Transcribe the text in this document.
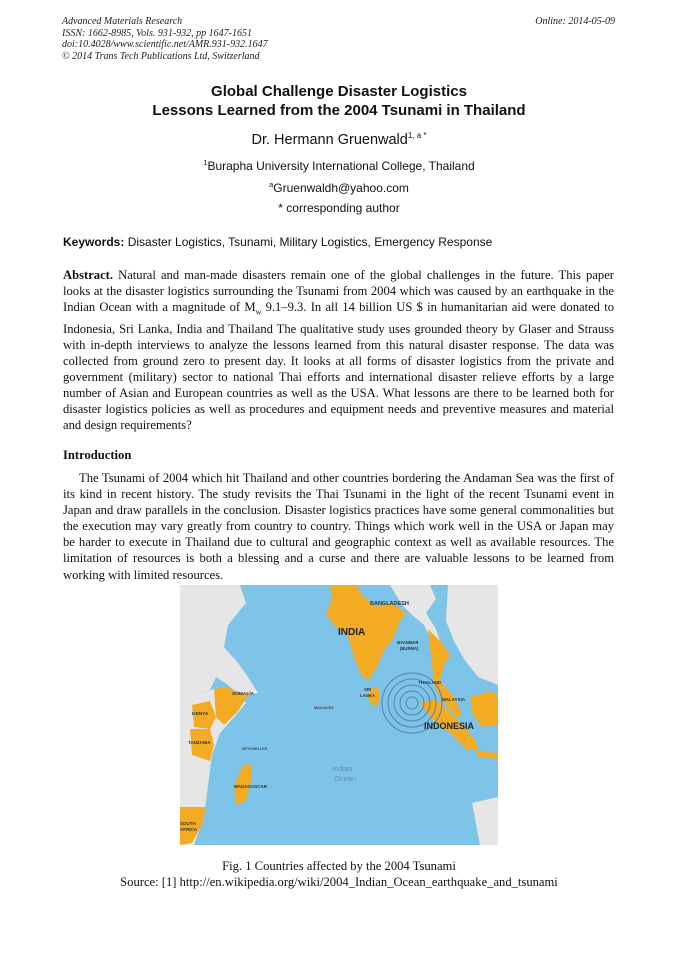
Advanced Materials Research
ISSN: 1662-8985, Vols. 931-932, pp 1647-1651
doi:10.4028/www.scientific.net/AMR.931-932.1647
© 2014 Trans Tech Publications Ltd, Switzerland
Online: 2014-05-09
Global Challenge Disaster Logistics
Lessons Learned from the 2004 Tsunami in Thailand
Dr. Hermann Gruenwald$^{1, a *}$
$^1$Burapha University International College, Thailand
$^a$Gruenwaldh@yahoo.com
* corresponding author
Keywords: Disaster Logistics, Tsunami, Military Logistics, Emergency Response
Abstract. Natural and man-made disasters remain one of the global challenges in the future. This paper looks at the disaster logistics surrounding the Tsunami from 2004 which was caused by an earthquake in the Indian Ocean with a magnitude of $M_w$ 9.1–9.3. In all 14 billion US $ in humanitarian aid were donated to Indonesia, Sri Lanka, India and Thailand The qualitative study uses grounded theory by Glaser and Strauss with in-depth interviews to analyze the lessons learned from this natural disaster response. The data was collected from ground zero to present day. It looks at all forms of disaster logistics from the private and government (military) sector to national Thai efforts and international disaster relieve efforts by a large number of Asian and European countries as well as the USA. What lessons are there to be learned both for disaster logistics policies as well as procedures and equipment needs and preventive measures and material and design requirements?
Introduction
The Tsunami of 2004 which hit Thailand and other countries bordering the Andaman Sea was the first of its kind in recent history. The study revisits the Thai Tsunami in the light of the recent Tsunami event in Japan and draw parallels in the conclusion. Disaster logistics practices have some general commonalities but the execution may vary greatly from country to country. Things which work well in the USA or Japan may be harder to execute in Thailand due to cultural and geographic context as well as available resources. The limitation of resources is both a blessing and a curse and there are valuable lessons to be learned from working with limited resources.
BANGLADESH
INDIA
MYANMAR
(BURMA)
THAILAND
MALAYSIA
SRI
LANKA
SOMALIA
KENYA
MALDIVES
INDONESIA
TANZANIA
SEYCHELLES
Indian
Ocean
MADAGASCAR
SOUTH
AFRICA
Fig. 1 Countries affected by the 2004 Tsunami
Source: [1] http://en.wikipedia.org/wiki/2004_Indian_Ocean_earthquake_and_tsunami
